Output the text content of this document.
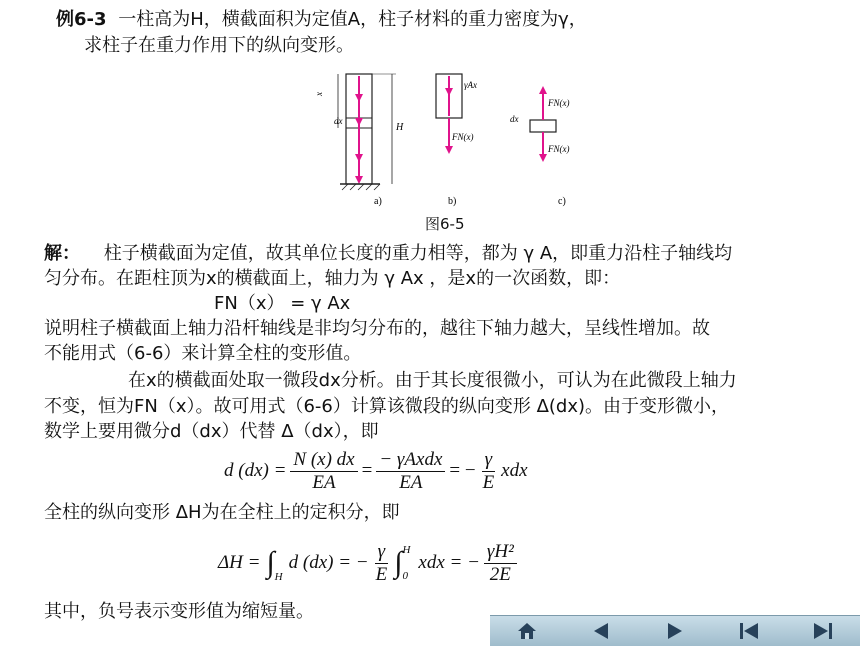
例6-3 一柱高为H，横截面积为定值A，柱子材料的重力密度为γ，
求柱子在重力作用下的纵向变形。
x
dx
H
a)
γAx
FN(x)
b)
FN(x)
FN(x)
dx
c)
图6-5
解： 柱子横截面为定值，故其单位长度的重力相等，都为 γ A，即重力沿柱子轴线均
匀分布。在距柱顶为x的横截面上，轴力为 γ Ax ，是x的一次函数，即：
FN（x） = γ Ax
说明柱子横截面上轴力沿杆轴线是非均匀分布的，越往下轴力越大，呈线性增加。故
不能用式（6-6）来计算全柱的变形值。
在x的横截面处取一微段dx分析。由于其长度很微小，可认为在此微段上轴力
不变，恒为FN（x）。故可用式（6-6）计算该微段的纵向变形 Δ(dx)。由于变形微小，
数学上要用微分d（dx）代替 Δ（dx），即
d $(dx) = \frac{N (x) dx}{EA} = \frac{\text{− γAxdx}}{EA}$ = − $\frac{\gamma}{E}$ xdx
全柱的纵向变形 ΔH为在全柱上的定积分，即
ΔH = ∫ H
d (dx) = − $\frac{\gamma}{E}$ ∫ H
0
xdx = − $\frac{\text{γH²}}{2E}$
其中，负号表示变形值为缩短量。
